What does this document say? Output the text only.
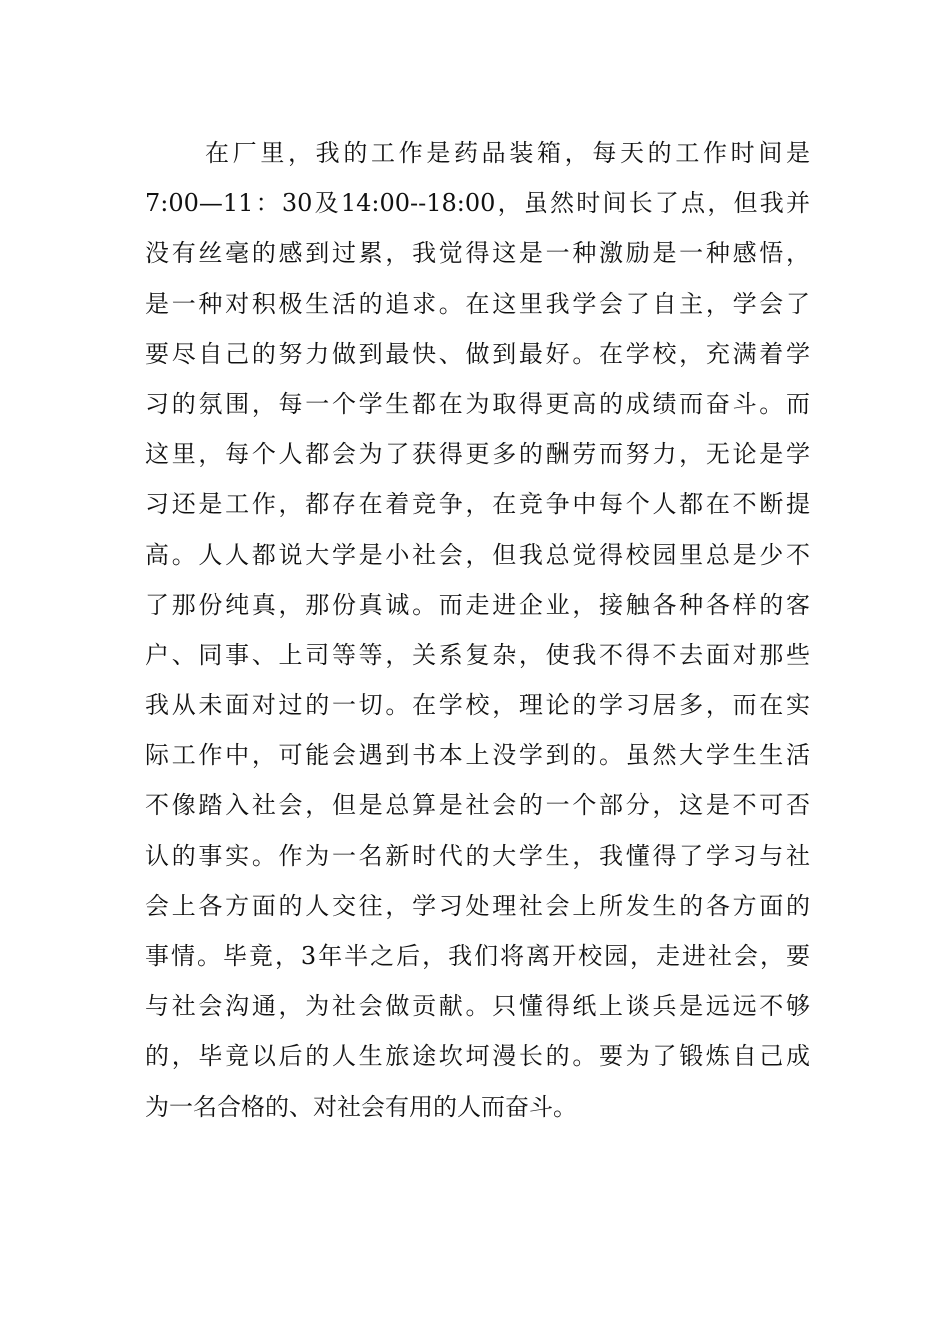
在厂里，我的工作是药品装箱，每天的工作时间是
7:00—11：30及14:00--18:00，虽然时间长了点，但我并
没有丝毫的感到过累，我觉得这是一种激励是一种感悟，
是一种对积极生活的追求。在这里我学会了自主，学会了
要尽自己的努力做到最快、做到最好。在学校，充满着学
习的氛围，每一个学生都在为取得更高的成绩而奋斗。而
这里，每个人都会为了获得更多的酬劳而努力，无论是学
习还是工作，都存在着竞争，在竞争中每个人都在不断提
高。人人都说大学是小社会，但我总觉得校园里总是少不
了那份纯真，那份真诚。而走进企业，接触各种各样的客
户、同事、上司等等，关系复杂，使我不得不去面对那些
我从未面对过的一切。在学校，理论的学习居多，而在实
际工作中，可能会遇到书本上没学到的。虽然大学生生活
不像踏入社会，但是总算是社会的一个部分，这是不可否
认的事实。作为一名新时代的大学生，我懂得了学习与社
会上各方面的人交往，学习处理社会上所发生的各方面的
事情。毕竟，3年半之后，我们将离开校园，走进社会，要
与社会沟通，为社会做贡献。只懂得纸上谈兵是远远不够
的，毕竟以后的人生旅途坎坷漫长的。要为了锻炼自己成
为一名合格的、对社会有用的人而奋斗。
